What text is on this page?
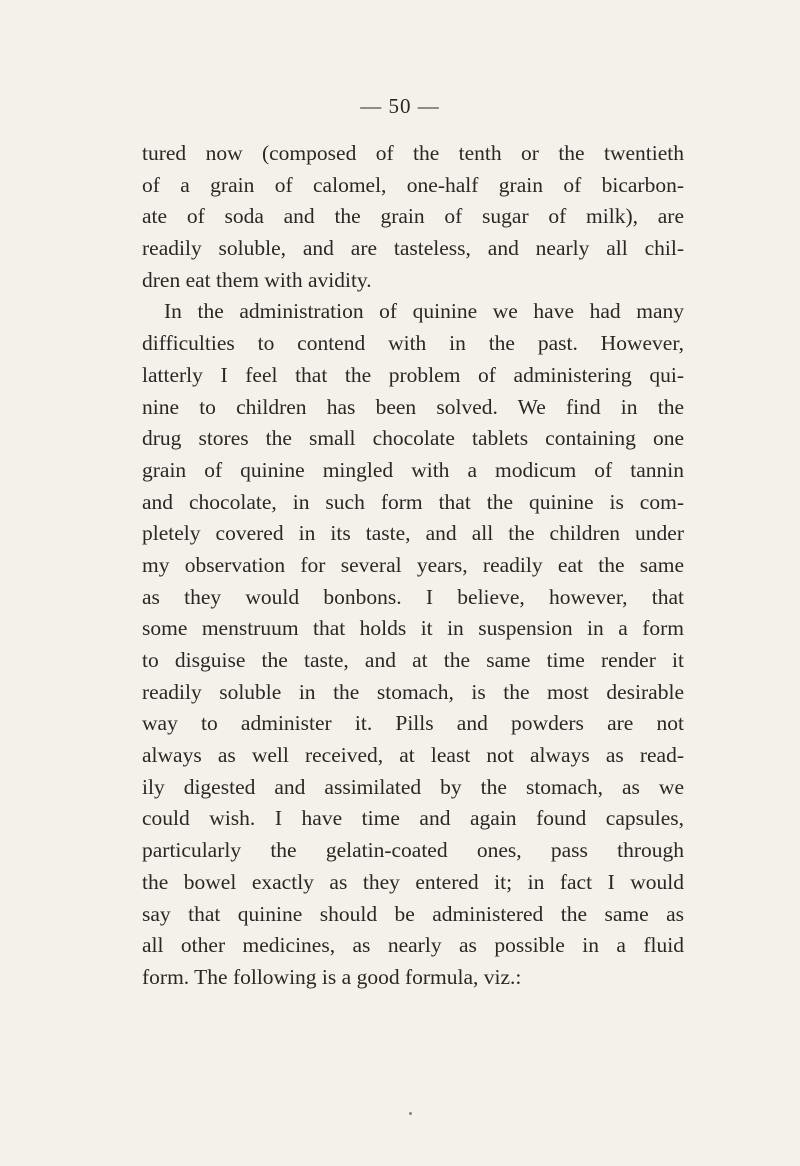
— 50 —
tured now (composed of the tenth or the twentieth
of a grain of calomel, one-half grain of bicarbon-
ate of soda and the grain of sugar of milk), are
readily soluble, and are tasteless, and nearly all chil-
dren eat them with avidity.
In the administration of quinine we have had many
difficulties to contend with in the past. However,
latterly I feel that the problem of administering qui-
nine to children has been solved. We find in the
drug stores the small chocolate tablets containing one
grain of quinine mingled with a modicum of tannin
and chocolate, in such form that the quinine is com-
pletely covered in its taste, and all the children under
my observation for several years, readily eat the same
as they would bonbons. I believe, however, that
some menstruum that holds it in suspension in a form
to disguise the taste, and at the same time render it
readily soluble in the stomach, is the most desirable
way to administer it. Pills and powders are not
always as well received, at least not always as read-
ily digested and assimilated by the stomach, as we
could wish. I have time and again found capsules,
particularly the gelatin-coated ones, pass through
the bowel exactly as they entered it; in fact I would
say that quinine should be administered the same as
all other medicines, as nearly as possible in a fluid
form. The following is a good formula, viz.:
